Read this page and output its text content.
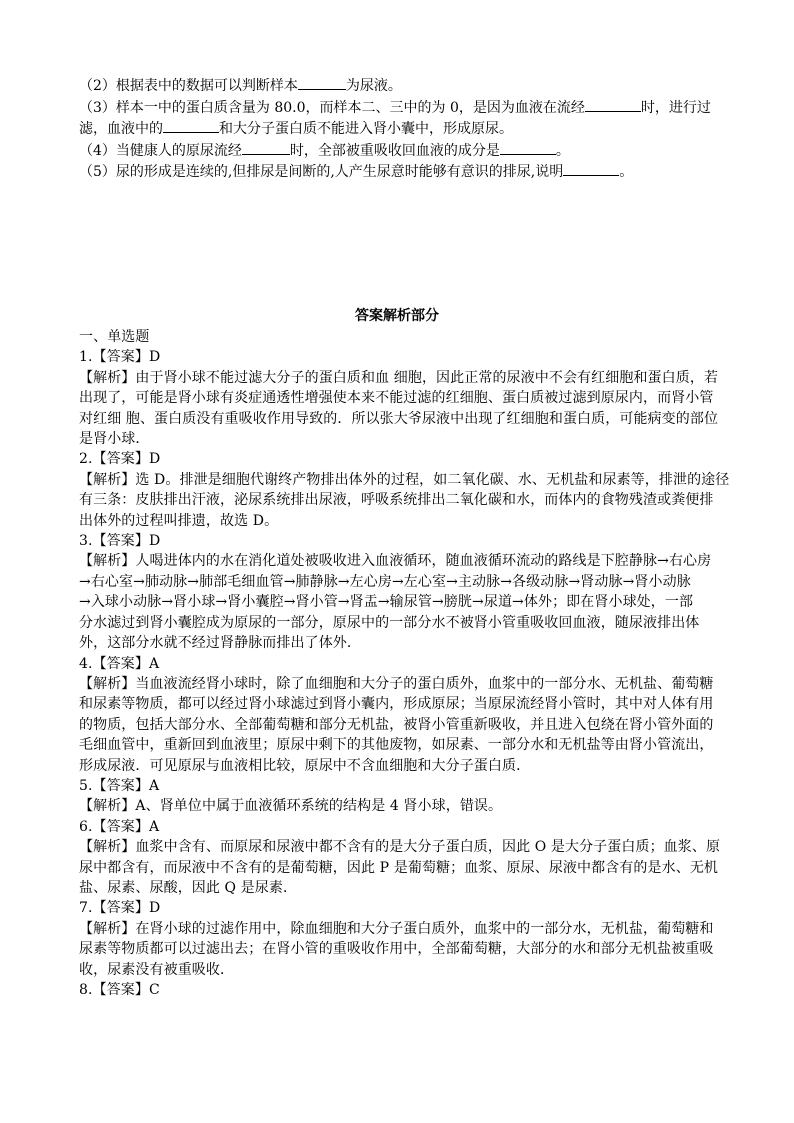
（2）根据表中的数据可以判断样本	为尿液。

（3）样本一中的蛋白质含量为 80.0，而样本二、三中的为 0，是因为血液在流经	时，进行过

滤，血液中的	和大分子蛋白质不能进入肾小囊中，形成原尿。

（4）当健康人的原尿流经	时，全部被重吸收回血液的成分是	。

（5）尿的形成是连续的,但排尿是间断的,人产生尿意时能够有意识的排尿,说明	。

答案解析部分

一、单选题

1.【答案】D

【解析】由于肾小球不能过滤大分子的蛋白质和血 细胞，因此正常的尿液中不会有红细胞和蛋白质，若

出现了，可能是肾小球有炎症通透性增强使本来不能过滤的红细胞、蛋白质被过滤到原尿内，而肾小管

对红细 胞、蛋白质没有重吸收作用导致的．所以张大爷尿液中出现了红细胞和蛋白质，可能病变的部位

是肾小球．

2.【答案】D

【解析】选 D。排泄是细胞代谢终产物排出体外的过程，如二氧化碳、水、无机盐和尿素等，排泄的途径

有三条：皮肤排出汗液，泌尿系统排出尿液，呼吸系统排出二氧化碳和水，而体内的食物残渣或粪便排

出体外的过程叫排遗，故选 D。

3.【答案】D

【解析】人喝进体内的水在消化道处被吸收进入血液循环，随血液循环流动的路线是下腔静脉→右心房

→右心室→肺动脉→肺部毛细血管→肺静脉→左心房→左心室→主动脉→各级动脉→肾动脉→肾小动脉

→入球小动脉→肾小球→肾小囊腔→肾小管→肾盂→输尿管→膀胱→尿道→体外；即在肾小球处，一部

分水滤过到肾小囊腔成为原尿的一部分，原尿中的一部分水不被肾小管重吸收回血液，随尿液排出体

外，这部分水就不经过肾静脉而排出了体外．

4.【答案】A

【解析】当血液流经肾小球时，除了血细胞和大分子的蛋白质外，血浆中的一部分水、无机盐、葡萄糖

和尿素等物质，都可以经过肾小球滤过到肾小囊内，形成原尿；当原尿流经肾小管时，其中对人体有用

的物质，包括大部分水、全部葡萄糖和部分无机盐，被肾小管重新吸收，并且进入包绕在肾小管外面的

毛细血管中，重新回到血液里；原尿中剩下的其他废物，如尿素、一部分水和无机盐等由肾小管流出，

形成尿液．可见原尿与血液相比较，原尿中不含血细胞和大分子蛋白质．

5.【答案】A

【解析】A、肾单位中属于血液循环系统的结构是 4 肾小球，错误。

6.【答案】A

【解析】血浆中含有、而原尿和尿液中都不含有的是大分子蛋白质，因此 O 是大分子蛋白质；血浆、原

尿中都含有，而尿液中不含有的是葡萄糖，因此 P 是葡萄糖；血浆、原尿、尿液中都含有的是水、无机

盐、尿素、尿酸，因此 Q 是尿素．

7.【答案】D

【解析】在肾小球的过滤作用中，除血细胞和大分子蛋白质外，血浆中的一部分水，无机盐，葡萄糖和

尿素等物质都可以过滤出去；在肾小管的重吸收作用中，全部葡萄糖，大部分的水和部分无机盐被重吸

收，尿素没有被重吸收．

8.【答案】C
